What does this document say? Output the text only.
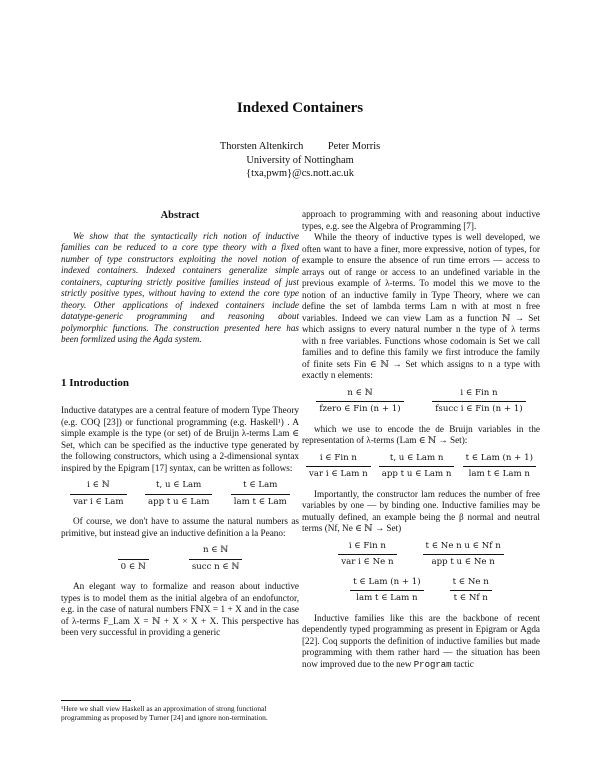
Indexed Containers
Thorsten Altenkirch Peter Morris
University of Nottingham
{txa,pwm}@cs.nott.ac.uk
Abstract

We show that the syntactically rich notion of inductive families can be reduced to a core type theory with a fixed number of type constructors exploiting the novel notion of indexed containers. Indexed containers generalize simple containers, capturing strictly positive families instead of just strictly positive types, without having to extend the core type theory. Other applications of indexed containers include datatype-generic programming and reasoning about polymorphic functions. The construction presented here has been formlized using the Agda system.

1 Introduction

Inductive datatypes are a central feature of modern Type Theory (e.g. COQ [23]) or functional programming (e.g. Haskell¹) . A simple example is the type (or set) of de Bruijn λ-terms Lam ∈ Set, which can be specified as the inductive type generated by the following constructors, which using a 2-dimensional syntax inspired by the Epigram [17] syntax, can be written as follows:

i ∈ ℕ
var i ∈ Lam
t, u ∈ Lam
app t u ∈ Lam
t ∈ Lam
lam t ∈ Lam

Of course, we don't have to assume the natural numbers as primitive, but instead give an inductive definition a la Peano:

0 ∈ ℕ
n ∈ ℕ
succ n ∈ ℕ

An elegant way to formalize and reason about inductive types is to model them as the initial algebra of an endofunctor, e.g. in the case of natural numbers FℕX = 1 + X and in the case of λ-terms F_Lam X = ℕ + X × X + X. This perspective has been very successful in providing a generic

¹Here we shall view Haskell as an approximation of strong functional programming as proposed by Turner [24] and ignore non-termination.

approach to programming with and reasoning about inductive types, e.g. see the Algebra of Programming [7].

While the theory of inductive types is well developed, we often want to have a finer, more expressive, notion of types, for example to ensure the absence of run time errors — access to arrays out of range or access to an undefined variable in the previous example of λ-terms. To model this we move to the notion of an inductive family in Type Theory, where we can define the set of lambda terms Lam n with at most n free variables. Indeed we can view Lam as a function ℕ → Set which assigns to every natural number n the type of λ terms with n free variables. Functions whose codomain is Set we call families and to define this family we first introduce the family of finite sets Fin ∈ ℕ → Set which assigns to n a type with exactly n elements:

n ∈ ℕ
fzero ∈ Fin (n + 1)
i ∈ Fin n
fsucc i ∈ Fin (n + 1)

which we use to encode the de Bruijn variables in the representation of λ-terms (Lam ∈ ℕ → Set):

i ∈ Fin n
var i ∈ Lam n
t, u ∈ Lam n
app t u ∈ Lam n
t ∈ Lam (n + 1)
lam t ∈ Lam n

Importantly, the constructor lam reduces the number of free variables by one — by binding one. Inductive families may be mutually defined, an example being the β normal and neutral terms (Nf, Ne ∈ ℕ → Set)

i ∈ Fin n
var i ∈ Ne n
t ∈ Ne n u ∈ Nf n
app t u ∈ Ne n
t ∈ Lam (n + 1)
lam t ∈ Lam n
t ∈ Ne n
t ∈ Nf n

Inductive families like this are the backbone of recent dependently typed programming as present in Epigram or Agda [22]. Coq supports the definition of inductive families but made programming with them rather hard — the situation has been now improved due to the new Program tactic
